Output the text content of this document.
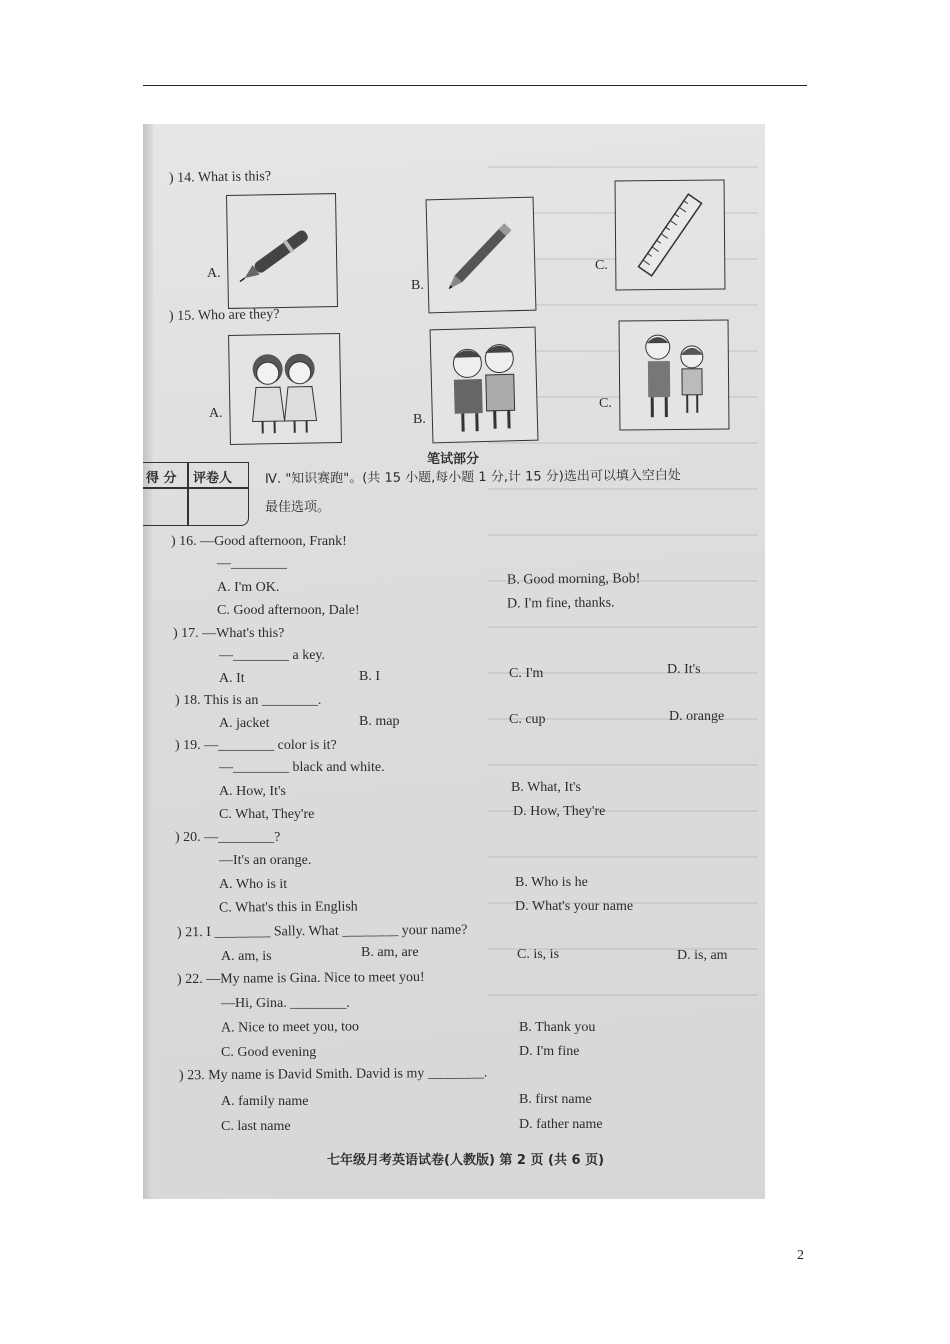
) 14. What is this?
A.
B.
C.
) 15. Who are they?
A.	B.
C.
笔试部分
得 分 评卷人	Ⅳ. "知识赛跑"。(共 15 小题,每小题 1 分,计 15 分)选出可以填入空白处
最佳选项。
) 16. —Good afternoon, Frank!
—________
A. I'm OK.	B. Good morning, Bob!
C. Good afternoon, Dale!	D. I'm fine, thanks.
) 17. —What's this?
—________ a key.
A. It	B. I	C. I'm	D. It's
) 18. This is an ________.
A. jacket	B. map	C. cup	D. orange
) 19. —________ color is it?
—________ black and white.
A. How, It's	B. What, It's
C. What, They're	D. How, They're
) 20. —________?
—It's an orange.
A. Who is it	B. Who is he
C. What's this in English	D. What's your name
) 21. I ________ Sally. What ________ your name?
A. am, is	B. am, are	C. is, is	D. is, am
) 22. —My name is Gina. Nice to meet you!
—Hi, Gina. ________.
A. Nice to meet you, too	B. Thank you
C. Good evening	D. I'm fine
) 23. My name is David Smith. David is my ________.
A. family name	B. first name
C. last name	D. father name
七年级月考英语试卷(人教版) 第 2 页 (共 6 页)
2
